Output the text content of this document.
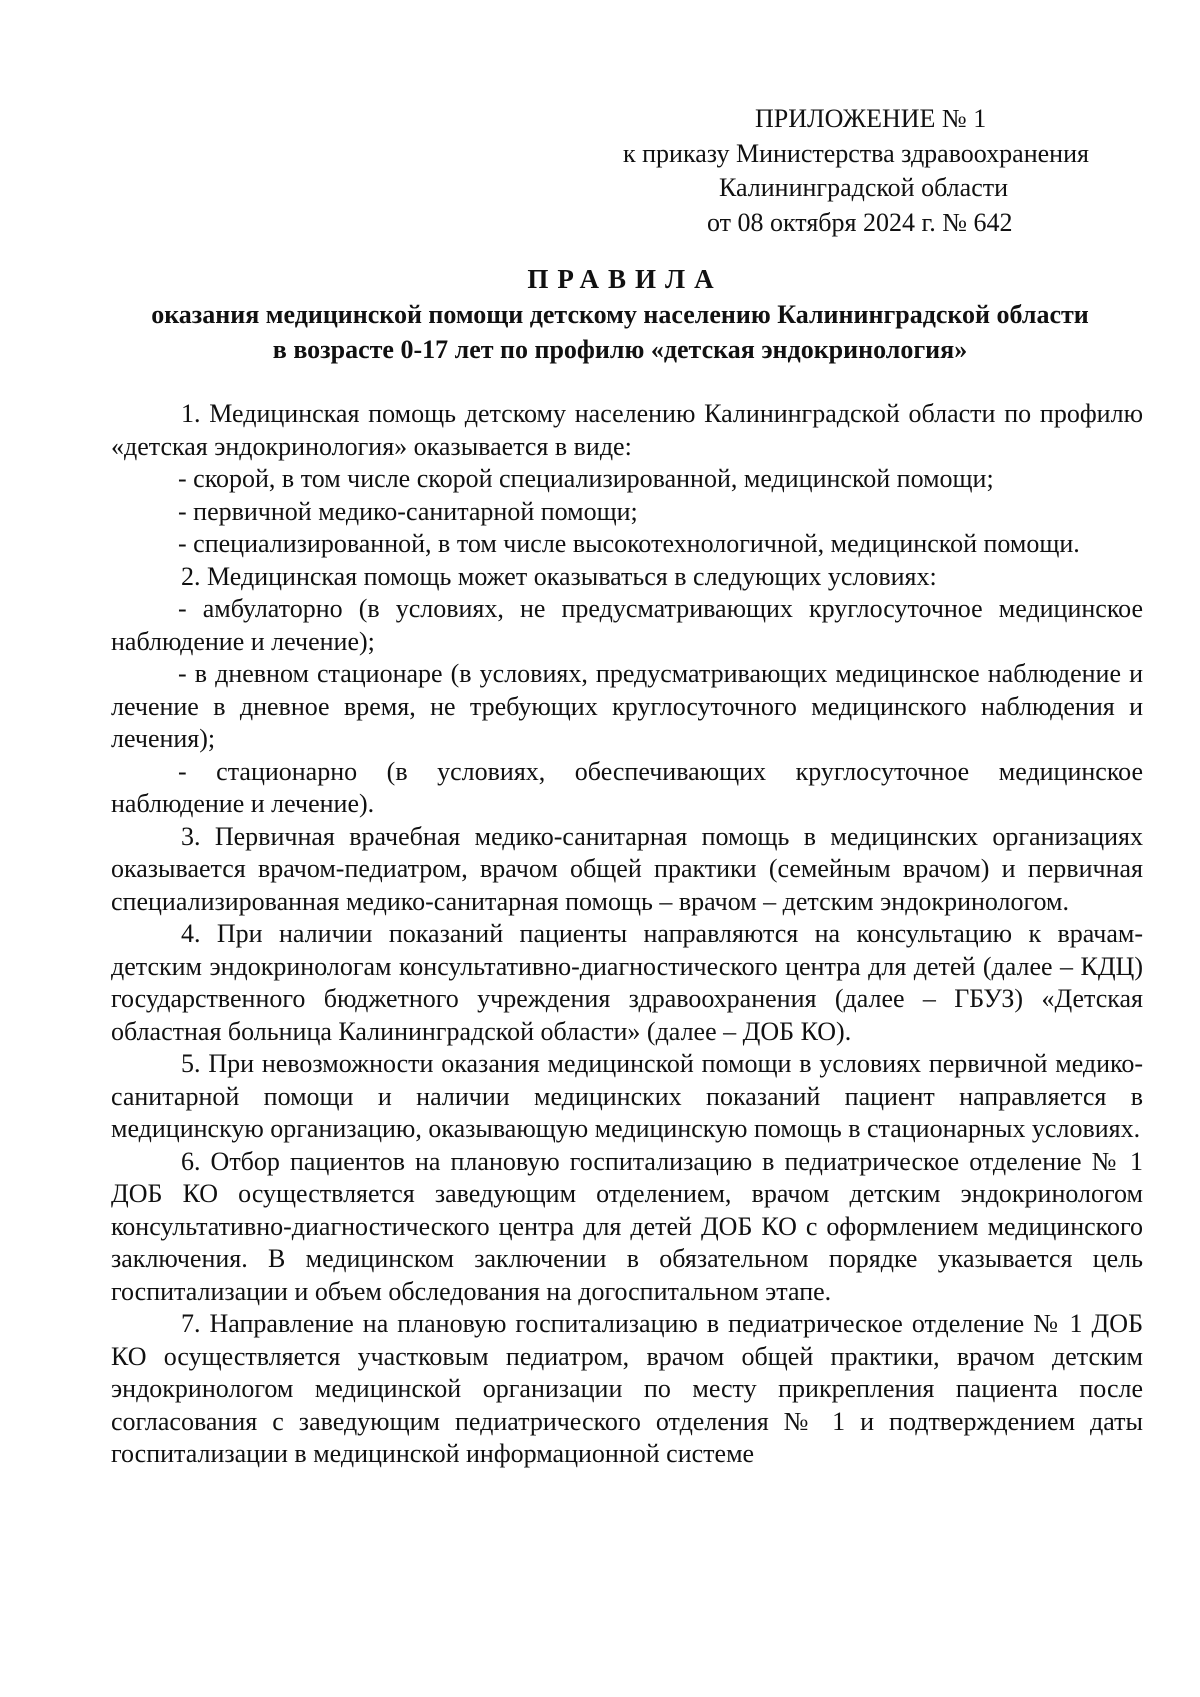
ПРИЛОЖЕНИЕ № 1
к приказу Министерства здравоохранения
Калининградской области
от 08 октября 2024 г. № 642
ПРАВИЛА
оказания медицинской помощи детскому населению Калининградской области
в возрасте 0-17 лет по профилю «детская эндокринология»

1. Медицинская помощь детскому населению Калининградской области по профилю «детская эндокринология» оказывается в виде:

- скорой, в том числе скорой специализированной, медицинской помощи;

- первичной медико-санитарной помощи;

- специализированной, в том числе высокотехнологичной, медицинской помощи.

2. Медицинская помощь может оказываться в следующих условиях:

- амбулаторно (в условиях, не предусматривающих круглосуточное медицинское наблюдение и лечение);

- в дневном стационаре (в условиях, предусматривающих медицинское наблюдение и лечение в дневное время, не требующих круглосуточного медицинского наблюдения и лечения);

- стационарно (в условиях, обеспечивающих круглосуточное медицинское наблюдение и лечение).

3. Первичная врачебная медико-санитарная помощь в медицинских организациях оказывается врачом-педиатром, врачом общей практики (семейным врачом) и первичная специализированная медико-санитарная помощь – врачом – детским эндокринологом.

4. При наличии показаний пациенты направляются на консультацию к врачам-детским эндокринологам консультативно-диагностического центра для детей (далее – КДЦ) государственного бюджетного учреждения здравоохранения (далее – ГБУЗ) «Детская областная больница Калининградской области» (далее – ДОБ КО).

5. При невозможности оказания медицинской помощи в условиях первичной медико-санитарной помощи и наличии медицинских показаний пациент направляется в медицинскую организацию, оказывающую медицинскую помощь в стационарных условиях.

6. Отбор пациентов на плановую госпитализацию в педиатрическое отделение № 1 ДОБ КО осуществляется заведующим отделением, врачом детским эндокринологом консультативно-диагностического центра для детей ДОБ КО с оформлением медицинского заключения. В медицинском заключении в обязательном порядке указывается цель госпитализации и объем обследования на догоспитальном этапе.

7. Направление на плановую госпитализацию в педиатрическое отделение № 1 ДОБ КО осуществляется участковым педиатром, врачом общей практики, врачом детским эндокринологом медицинской организации по месту прикрепления пациента после согласования с заведующим педиатрического отделения № 1 и подтверждением даты госпитализации в медицинской информационной системе
